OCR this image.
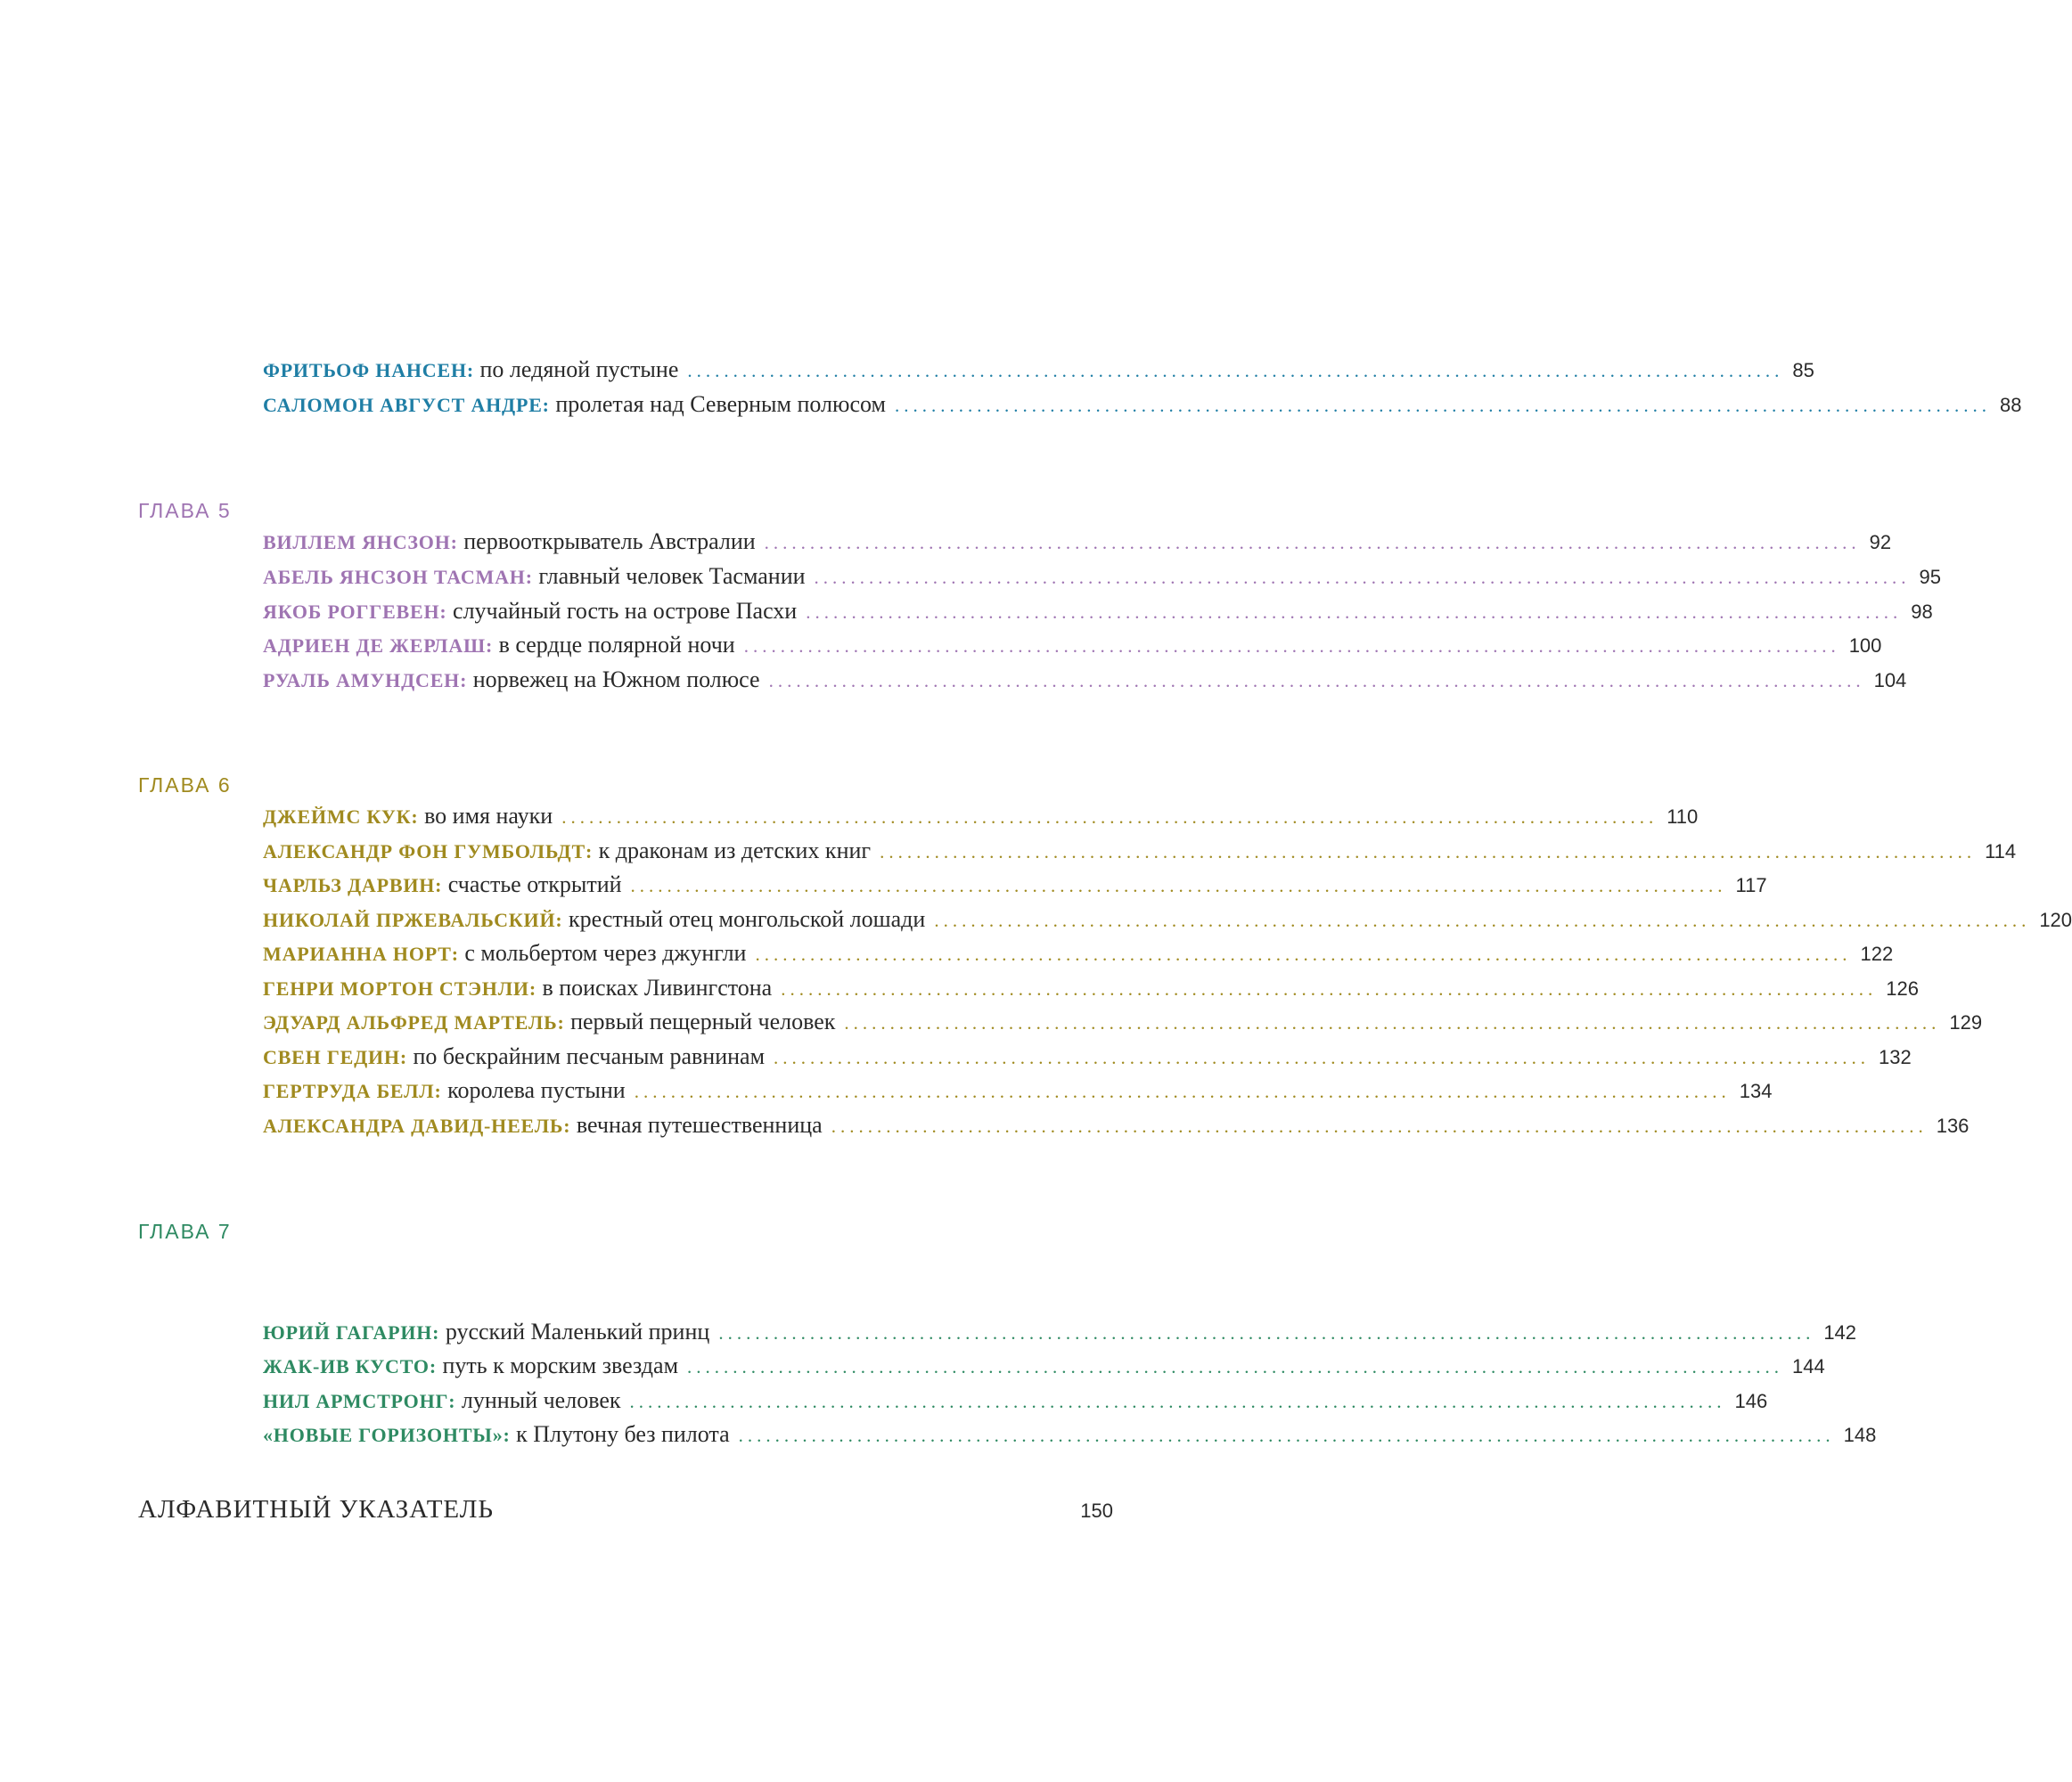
ФРИТЬОФ НАНСЕН:
по ледяной пустыне ........................................................................................................................ 85
САЛОМОН АВГУСТ АНДРЕ:
пролетая над Северным полюсом ........................................................................................................................ 88
ГЛАВА 5 НА ЮЖНЫЙ ПОЛЮС И В АВСТРАЛИЮ
ВИЛЛЕМ ЯНСЗОН:
первооткрыватель Австралии ........................................................................................................................ 92
АБЕЛЬ ЯНСЗОН ТАСМАН:
главный человек Тасмании ........................................................................................................................ 95
ЯКОБ РОГГЕВЕН:
случайный гость на острове Пасхи ........................................................................................................................ 98
АДРИЕН ДЕ ЖЕРЛАШ:
в сердце полярной ночи ........................................................................................................................ 100
РУАЛЬ АМУНДСЕН:
норвежец на Южном полюсе ........................................................................................................................ 104
ГЛАВА 6 К НЕИЗВЕДАННОЙ ПРИРОДЕ
ДЖЕЙМС КУК:
во имя науки ........................................................................................................................ 110
АЛЕКСАНДР ФОН ГУМБОЛЬДТ:
к драконам из детских книг ........................................................................................................................ 114
ЧАРЛЬЗ ДАРВИН:
счастье открытий ........................................................................................................................ 117
НИКОЛАЙ ПРЖЕВАЛЬСКИЙ:
крестный отец монгольской лошади ........................................................................................................................ 120
МАРИАННА НОРТ:
с мольбертом через джунгли ........................................................................................................................ 122
ГЕНРИ МОРТОН СТЭНЛИ:
в поисках Ливингстона ........................................................................................................................ 126
ЭДУАРД АЛЬФРЕД МАРТЕЛЬ:
первый пещерный человек ........................................................................................................................ 129
СВЕН ГЕДИН:
по бескрайним песчаным равнинам ........................................................................................................................ 132
ГЕРТРУДА БЕЛЛ:
королева пустыни ........................................................................................................................ 134
АЛЕКСАНДРА ДАВИД-НЕЕЛЬ:
вечная путешественница ........................................................................................................................ 136
ГЛАВА 7 В КОСМИЧЕСКИЕ ВЫСОТЫ
И В ОКЕАНСКИЕ ГЛУБИНЫ
ЮРИЙ ГАГАРИН:
русский Маленький принц ........................................................................................................................ 142
ЖАК-ИВ КУСТО:
путь к морским звездам ........................................................................................................................ 144
НИЛ АРМСТРОНГ:
лунный человек ........................................................................................................................ 146
«НОВЫЕ ГОРИЗОНТЫ»:
к Плутону без пилота ........................................................................................................................ 148
АЛФАВИТНЫЙ УКАЗАТЕЛЬ	150
